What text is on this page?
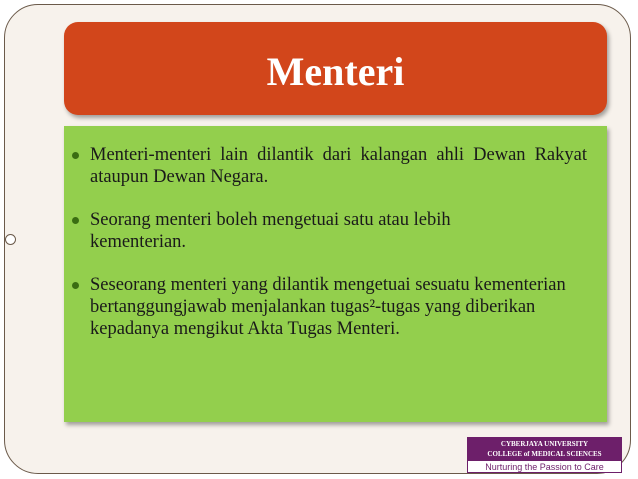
Menteri
Menteri-menteri lain dilantik dari kalangan ahli Dewan Rakyat ataupun Dewan Negara.
Seorang menteri boleh mengetuai satu atau lebih kementerian.
Seseorang menteri yang dilantik mengetuai sesuatu kementerian bertanggungjawab menjalankan tugas²-tugas yang diberikan kepadanya mengikut Akta Tugas Menteri.
CYBERJAYA UNIVERSITY
COLLEGE of MEDICAL SCIENCES
Nurturing the Passion to Care
